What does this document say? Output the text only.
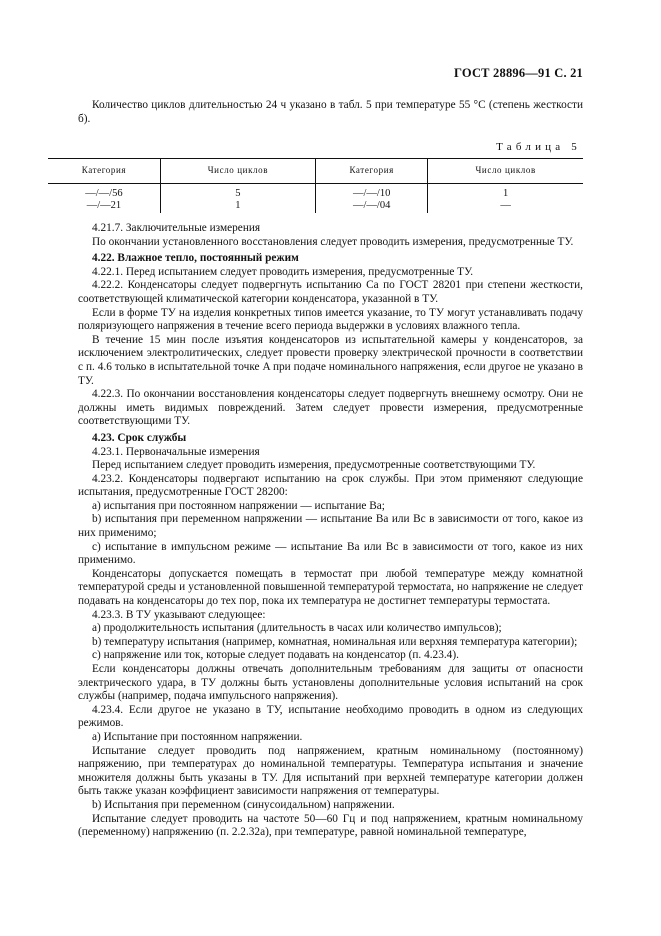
ГОСТ 28896—91 С. 21

Количество циклов длительностью 24 ч указано в табл. 5 при температуре 55 °С (степень жесткости б).

Таблица 5
Категория	Число циклов	Категория	Число циклов
—/—/56	5	—/—/10	1
—/—21	1	—/—/04	—

4.21.7. Заключительные измерения

По окончании установленного восстановления следует проводить измерения, предусмотренные ТУ.

4.22. Влажное тепло, постоянный режим

4.22.1. Перед испытанием следует проводить измерения, предусмотренные ТУ.

4.22.2. Конденсаторы следует подвергнуть испытанию Са по ГОСТ 28201 при степени жесткости, соответствующей климатической категории конденсатора, указанной в ТУ.

Если в форме ТУ на изделия конкретных типов имеется указание, то ТУ могут устанавливать подачу поляризующего напряжения в течение всего периода выдержки в условиях влажного тепла.

В течение 15 мин после изъятия конденсаторов из испытательной камеры у конденсаторов, за исключением электролитических, следует провести проверку электрической прочности в соответствии с п. 4.6 только в испытательной точке A при подаче номинального напряжения, если другое не указано в ТУ.

4.22.3. По окончании восстановления конденсаторы следует подвергнуть внешнему осмотру. Они не должны иметь видимых повреждений. Затем следует провести измерения, предусмотренные соответствующими ТУ.

4.23. Срок службы

4.23.1. Первоначальные измерения

Перед испытанием следует проводить измерения, предусмотренные соответствующими ТУ.

4.23.2. Конденсаторы подвергают испытанию на срок службы. При этом применяют следующие испытания, предусмотренные ГОСТ 28200:

а) испытания при постоянном напряжении — испытание Ва;

b) испытания при переменном напряжении — испытание Ва или Вс в зависимости от того, какое из них применимо;

с) испытание в импульсном режиме — испытание Ва или Вс в зависимости от того, какое из них применимо.

Конденсаторы допускается помещать в термостат при любой температуре между комнатной температурой среды и установленной повышенной температурой термостата, но напряжение не следует подавать на конденсаторы до тех пор, пока их температура не достигнет температуры термостата.

4.23.3. В ТУ указывают следующее:

а) продолжительность испытания (длительность в часах или количество импульсов);

b) температуру испытания (например, комнатная, номинальная или верхняя температура категории);

с) напряжение или ток, которые следует подавать на конденсатор (п. 4.23.4).

Если конденсаторы должны отвечать дополнительным требованиям для защиты от опасности электрического удара, в ТУ должны быть установлены дополнительные условия испытаний на срок службы (например, подача импульсного напряжения).

4.23.4. Если другое не указано в ТУ, испытание необходимо проводить в одном из следующих режимов.

а) Испытание при постоянном напряжении.

Испытание следует проводить под напряжением, кратным номинальному (постоянному) напряжению, при температурах до номинальной температуры. Температура испытания и значение множителя должны быть указаны в ТУ. Для испытаний при верхней температуре категории должен быть также указан коэффициент зависимости напряжения от температуры.

b) Испытания при переменном (синусоидальном) напряжении.

Испытание следует проводить на частоте 50—60 Гц и под напряжением, кратным номинальному (переменному) напряжению (п. 2.2.32а), при температуре, равной номинальной температуре,
